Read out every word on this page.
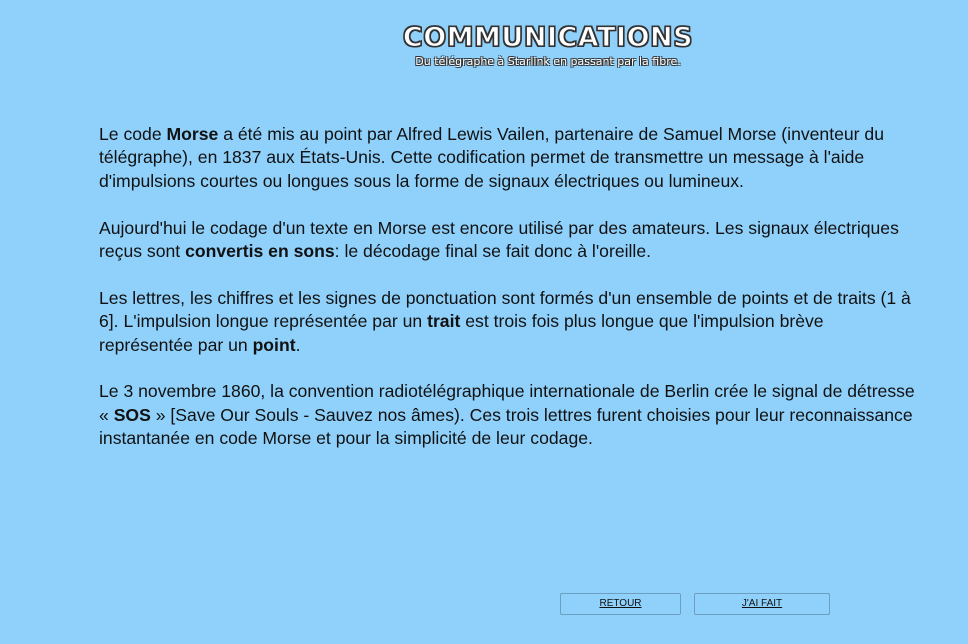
COMMUNICATIONS
Du télégraphe à Starlink en passant par la fibre.

Le code Morse a été mis au point par Alfred Lewis Vailen, partenaire de Samuel Morse (inventeur du télégraphe), en 1837 aux États-Unis. Cette codification permet de transmettre un message à l'aide d'impulsions courtes ou longues sous la forme de signaux électriques ou lumineux.

Aujourd'hui le codage d'un texte en Morse est encore utilisé par des amateurs. Les signaux électriques reçus sont convertis en sons: le décodage final se fait donc à l'oreille.

Les lettres, les chiffres et les signes de ponctuation sont formés d'un ensemble de points et de traits (1 à 6]. L'impulsion longue représentée par un trait est trois fois plus longue que l'impulsion brève représentée par un point.

Le 3 novembre 1860, la convention radiotélégraphique internationale de Berlin crée le signal de détresse « SOS » [Save Our Souls - Sauvez nos âmes). Ces trois lettres furent choisies pour leur reconnaissance instantanée en code Morse et pour la simplicité de leur codage.

RETOUR	J'AI FAIT
